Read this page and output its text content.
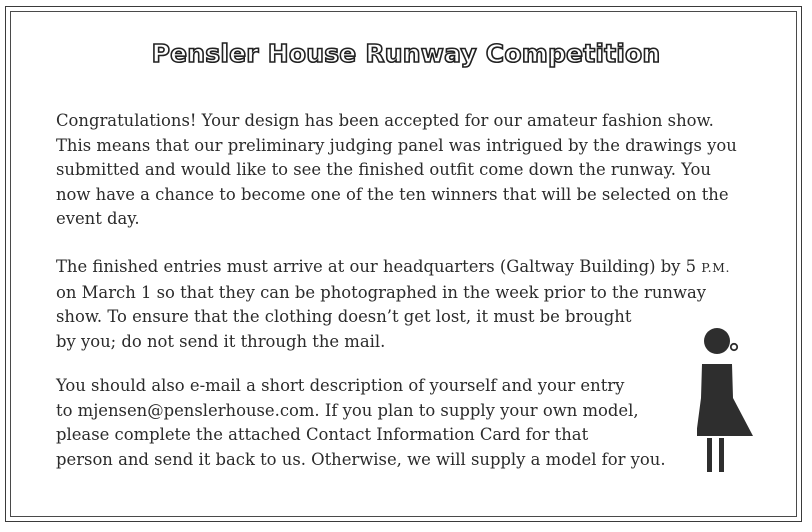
Pensler House Runway Competition
Congratulations! Your design has been accepted for our amateur fashion show.
This means that our preliminary judging panel was intrigued by the drawings you
submitted and would like to see the finished outfit come down the runway. You
now have a chance to become one of the ten winners that will be selected on the
event day.
The finished entries must arrive at our headquarters (Galtway Building) by 5 P.M.
on March 1 so that they can be photographed in the week prior to the runway
show. To ensure that the clothing doesn’t get lost, it must be brought
by you; do not send it through the mail.
You should also e-mail a short description of yourself and your entry
to mjensen@penslerhouse.com. If you plan to supply your own model,
please complete the attached Contact Information Card for that
person and send it back to us. Otherwise, we will supply a model for you.
